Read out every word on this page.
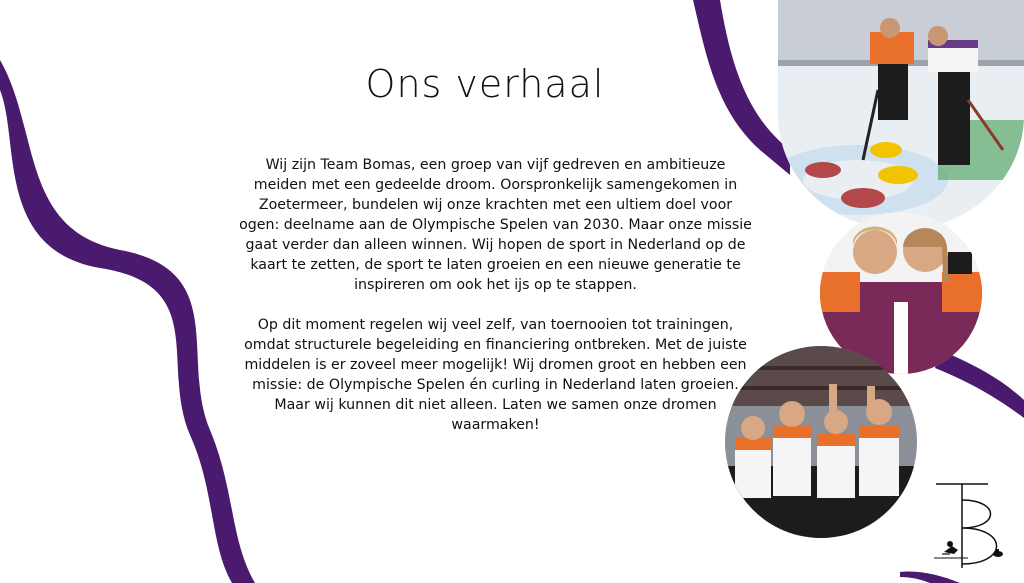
Ons verhaal

Wij zijn Team Bomas, een groep van vijf gedreven en ambitieuze meiden met een gedeelde droom. Oorspronkelijk samengekomen in Zoetermeer, bundelen wij onze krachten met een ultiem doel voor ogen: deelname aan de Olympische Spelen van 2030. Maar onze missie gaat verder dan alleen winnen. Wij hopen de sport in Nederland op de kaart te zetten, de sport te laten groeien en een nieuwe generatie te inspireren om ook het ijs op te stappen.

Op dit moment regelen wij veel zelf, van toernooien tot trainingen, omdat structurele begeleiding en financiering ontbreken. Met de juiste middelen is er zoveel meer mogelijk! Wij dromen groot en hebben een missie: de Olympische Spelen én curling in Nederland laten groeien. Maar wij kunnen dit niet alleen. Laten we samen onze dromen waarmaken!
